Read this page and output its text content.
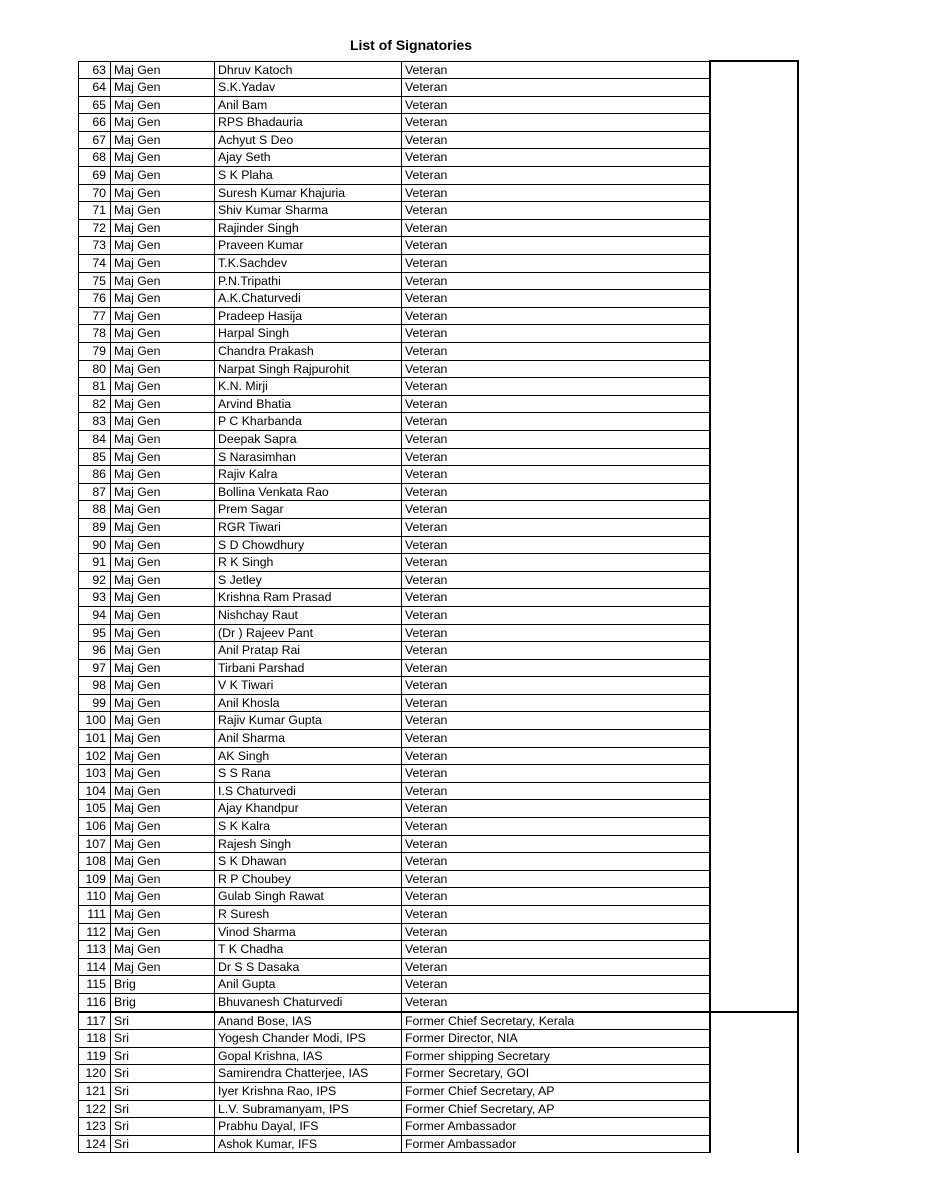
List of Signatories
63	Maj Gen	Dhruv Katoch	Veteran	
64	Maj Gen	S.K.Yadav	Veteran	
65	Maj Gen	Anil Bam	Veteran	
66	Maj Gen	RPS Bhadauria	Veteran	
67	Maj Gen	Achyut S Deo	Veteran	
68	Maj Gen	Ajay Seth	Veteran	
69	Maj Gen	S K Plaha	Veteran	
70	Maj Gen	Suresh Kumar Khajuria	Veteran	
71	Maj Gen	Shiv Kumar Sharma	Veteran	
72	Maj Gen	Rajinder Singh	Veteran	
73	Maj Gen	Praveen Kumar	Veteran	
74	Maj Gen	T.K.Sachdev	Veteran	
75	Maj Gen	P.N.Tripathi	Veteran	
76	Maj Gen	A.K.Chaturvedi	Veteran	
77	Maj Gen	Pradeep Hasija	Veteran	
78	Maj Gen	Harpal Singh	Veteran	
79	Maj Gen	Chandra Prakash	Veteran	
80	Maj Gen	Narpat Singh Rajpurohit	Veteran	
81	Maj Gen	K.N. Mirji	Veteran	
82	Maj Gen	Arvind Bhatia	Veteran	
83	Maj Gen	P C Kharbanda	Veteran	
84	Maj Gen	Deepak Sapra	Veteran	
85	Maj Gen	S Narasimhan	Veteran	
86	Maj Gen	Rajiv Kalra	Veteran	
87	Maj Gen	Bollina Venkata Rao	Veteran	
88	Maj Gen	Prem Sagar	Veteran	
89	Maj Gen	RGR Tiwari	Veteran	
90	Maj Gen	S D Chowdhury	Veteran	
91	Maj Gen	R K Singh	Veteran	
92	Maj Gen	S Jetley	Veteran	
93	Maj Gen	Krishna Ram Prasad	Veteran	
94	Maj Gen	Nishchay Raut	Veteran	
95	Maj Gen	(Dr ) Rajeev Pant	Veteran	
96	Maj Gen	Anil Pratap Rai	Veteran	
97	Maj Gen	Tirbani Parshad	Veteran	
98	Maj Gen	V K Tiwari	Veteran	
99	Maj Gen	Anil Khosla	Veteran	
100	Maj Gen	Rajiv Kumar Gupta	Veteran	
101	Maj Gen	Anil Sharma	Veteran	
102	Maj Gen	AK Singh	Veteran	
103	Maj Gen	S S Rana	Veteran	
104	Maj Gen	I.S Chaturvedi	Veteran	
105	Maj Gen	Ajay Khandpur	Veteran	
106	Maj Gen	S K Kalra	Veteran	
107	Maj Gen	Rajesh Singh	Veteran	
108	Maj Gen	S K Dhawan	Veteran	
109	Maj Gen	R P Choubey	Veteran	
110	Maj Gen	Gulab Singh Rawat	Veteran	
111	Maj Gen	R Suresh	Veteran	
112	Maj Gen	Vinod Sharma	Veteran	
113	Maj Gen	T K Chadha	Veteran	
114	Maj Gen	Dr S S Dasaka	Veteran	
115	Brig	Anil Gupta	Veteran	
116	Brig	Bhuvanesh Chaturvedi	Veteran	
117	Sri	Anand Bose, IAS	Former Chief Secretary, Kerala	
118	Sri	Yogesh Chander Modi, IPS	Former Director, NIA	
119	Sri	Gopal Krishna, IAS	Former shipping Secretary	
120	Sri	Samirendra Chatterjee, IAS	Former Secretary, GOI	
121	Sri	Iyer Krishna Rao, IPS	Former Chief Secretary, AP	
122	Sri	L.V. Subramanyam, IPS	Former Chief Secretary, AP	
123	Sri	Prabhu Dayal, IFS	Former Ambassador	
124	Sri	Ashok Kumar, IFS	Former Ambassador	
